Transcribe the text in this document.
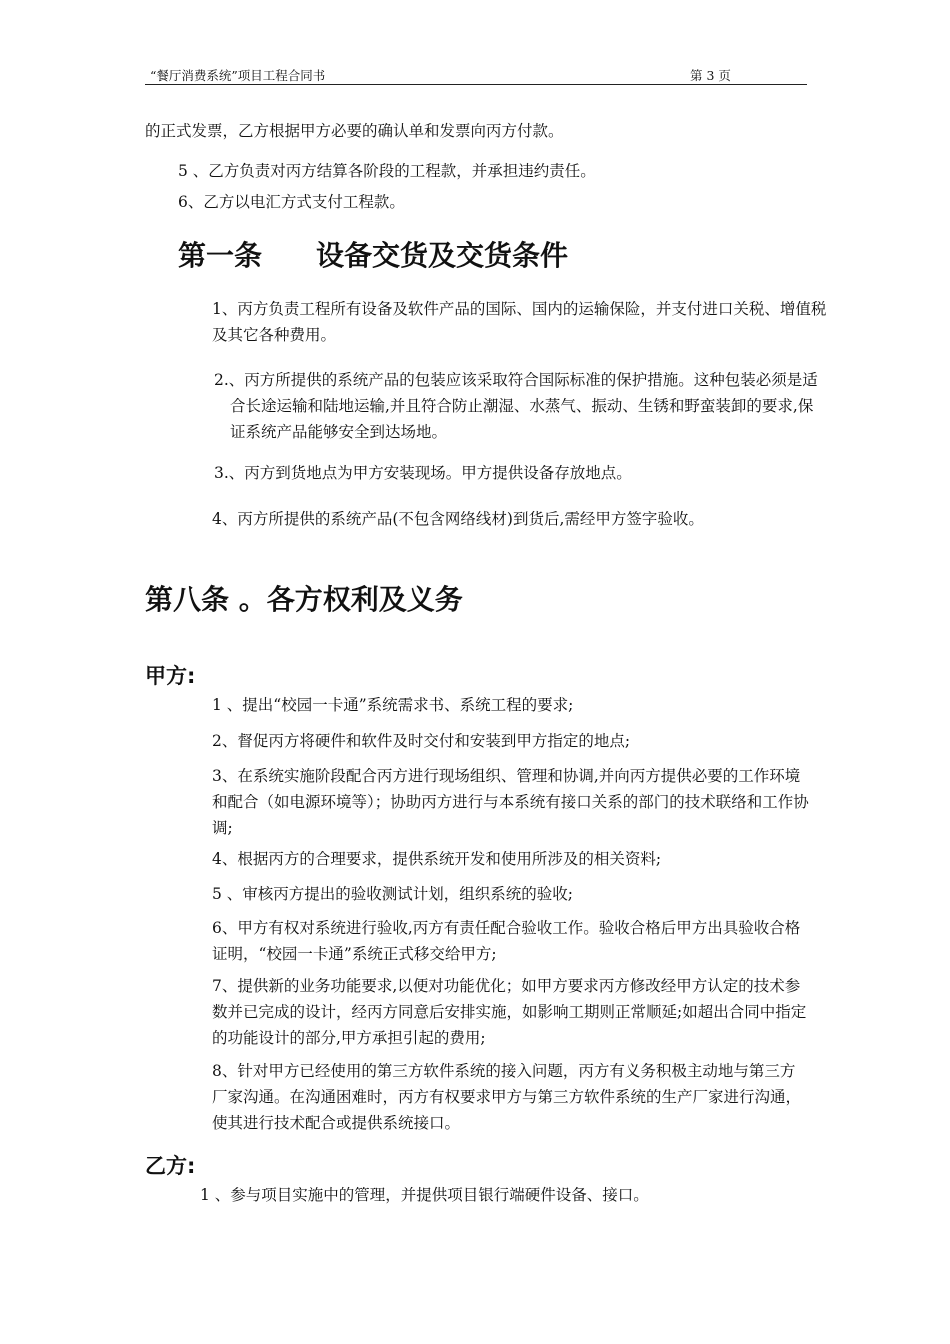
“餐厅消费系统”项目工程合同书	第 3 页
的正式发票，乙方根据甲方必要的确认单和发票向丙方付款。
5 、乙方负责对丙方结算各阶段的工程款，并承担违约责任。
6、乙方以电汇方式支付工程款。
第一条 设备交货及交货条件
1、丙方负责工程所有设备及软件产品的国际、国内的运输保险，并支付进口关税、增值税及其它各种费用。
2.、丙方所提供的系统产品的包装应该采取符合国际标准的保护措施。这种包装必须是适合长途运输和陆地运输,并且符合防止潮湿、水蒸气、振动、生锈和野蛮装卸的要求,保证系统产品能够安全到达场地。
3.、丙方到货地点为甲方安装现场。甲方提供设备存放地点。
4、丙方所提供的系统产品(不包含网络线材)到货后,需经甲方签字验收。
第八条 。各方权利及义务
甲方:
1 、提出“校园一卡通”系统需求书、系统工程的要求;
2、督促丙方将硬件和软件及时交付和安装到甲方指定的地点;
3、在系统实施阶段配合丙方进行现场组织、管理和协调,并向丙方提供必要的工作环境和配合（如电源环境等）；协助丙方进行与本系统有接口关系的部门的技术联络和工作协调;
4、根据丙方的合理要求，提供系统开发和使用所涉及的相关资料;
5 、审核丙方提出的验收测试计划，组织系统的验收;
6、甲方有权对系统进行验收,丙方有责任配合验收工作。验收合格后甲方出具验收合格证明，“校园一卡通”系统正式移交给甲方;
7、提供新的业务功能要求,以便对功能优化；如甲方要求丙方修改经甲方认定的技术参数并已完成的设计，经丙方同意后安排实施，如影响工期则正常顺延;如超出合同中指定的功能设计的部分,甲方承担引起的费用;
8、针对甲方已经使用的第三方软件系统的接入问题，丙方有义务积极主动地与第三方厂家沟通。在沟通困难时，丙方有权要求甲方与第三方软件系统的生产厂家进行沟通，使其进行技术配合或提供系统接口。
乙方:
1 、参与项目实施中的管理，并提供项目银行端硬件设备、接口。
